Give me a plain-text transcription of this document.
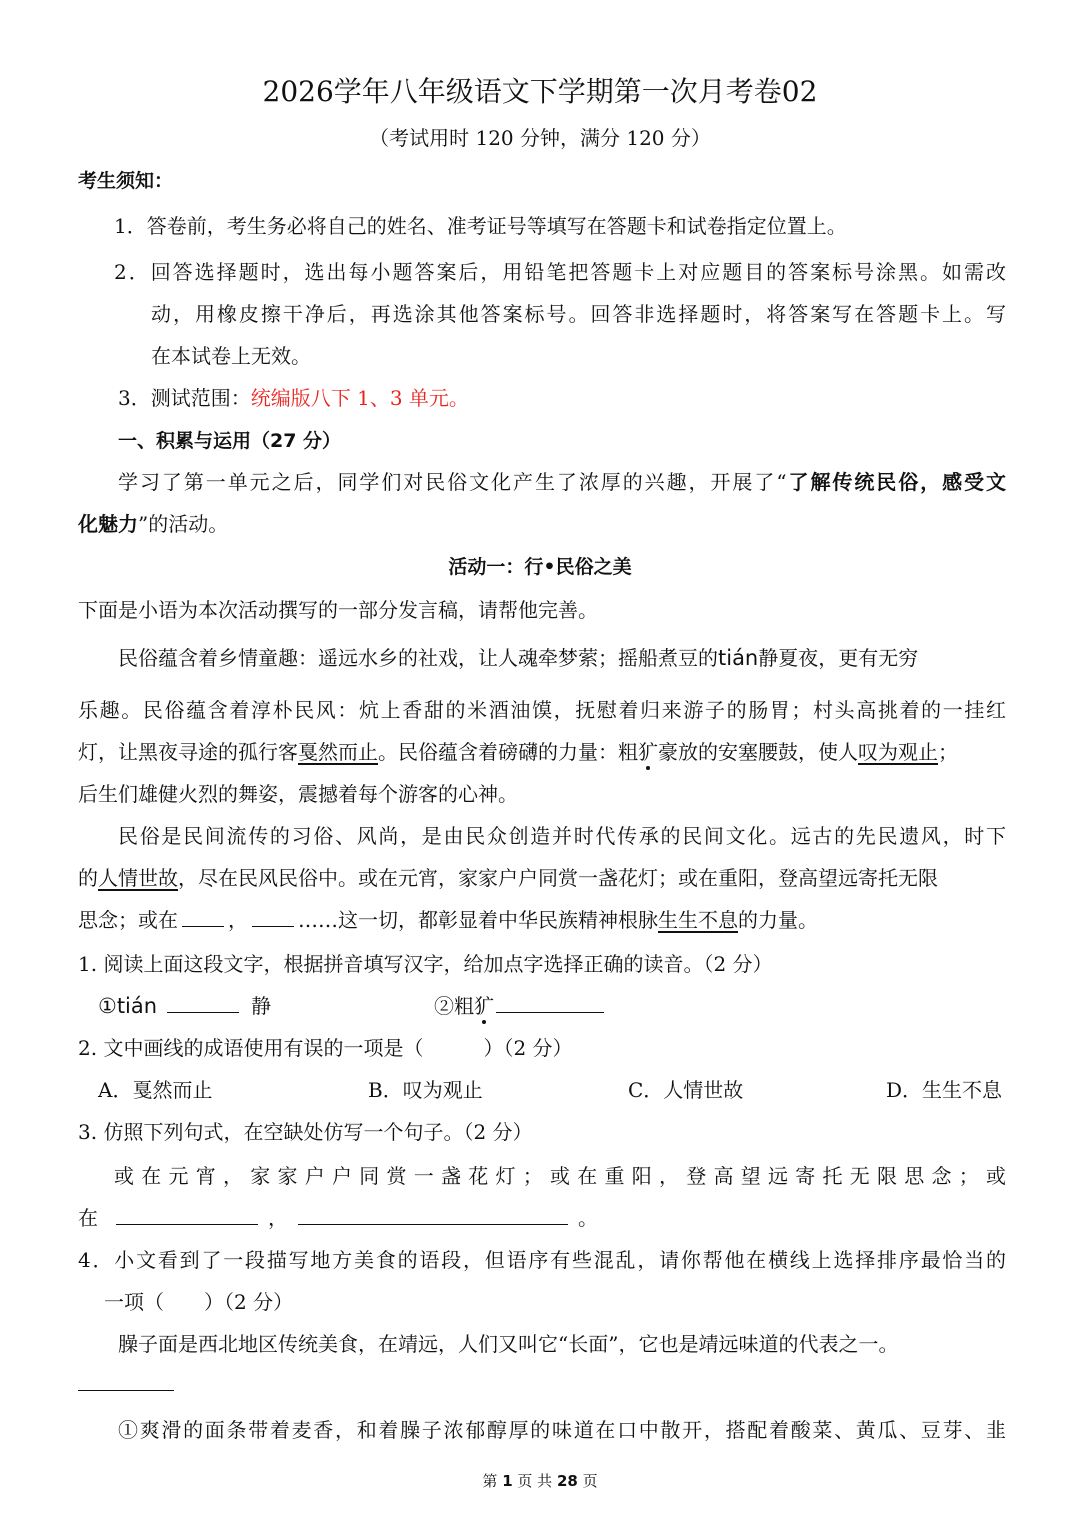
2026学年八年级语文下学期第一次月考卷02
（考试用时 120 分钟，满分 120 分）
考生须知：
1．答卷前，考生务必将自己的姓名、准考证号等填写在答题卡和试卷指定位置上。
2．回答选择题时，选出每小题答案后，用铅笔把答题卡上对应题目的答案标号涂黑。如需改
动，用橡皮擦干净后，再选涂其他答案标号。回答非选择题时，将答案写在答题卡上。写
在本试卷上无效。
3．测试范围：统编版八下 1、3 单元。
一、积累与运用（27 分）
学习了第一单元之后，同学们对民俗文化产生了浓厚的兴趣，开展了“了解传统民俗，感受文
化魅力”的活动。
活动一：行•民俗之美
下面是小语为本次活动撰写的一部分发言稿，请帮他完善。
民俗蕴含着乡情童趣：遥远水乡的社戏，让人魂牵梦萦；摇船煮豆的tián静夏夜，更有无穷
乐趣。民俗蕴含着淳朴民风：炕上香甜的米酒油馍，抚慰着归来游子的肠胃；村头高挑着的一挂红
灯，让黑夜寻途的孤行客戛然而止。民俗蕴含着磅礴的力量：粗犷豪放的安塞腰鼓，使人叹为观止；
后生们雄健火烈的舞姿，震撼着每个游客的心神。
民俗是民间流传的习俗、风尚，是由民众创造并时代传承的民间文化。远古的先民遗风，时下
的人情世故，尽在民风民俗中。或在元宵，家家户户同赏一盏花灯；或在重阳，登高望远寄托无限
思念；或在	，	……这一切，都彰显着中华民族精神根脉生生不息的力量。
1. 阅读上面这段文字，根据拼音填写汉字，给加点字选择正确的读音。（2 分）
①tián	静	②粗犷
2. 文中画线的成语使用有误的一项是（　　　）（2 分）
A．戛然而止	B．叹为观止	C．人情世故	D．生生不息
3. 仿照下列句式，在空缺处仿写一个句子。（2 分）
或在元宵，家家户户同赏一盏花灯；或在重阳，登高望远寄托无限思念；或
在	，	。
4．小文看到了一段描写地方美食的语段，但语序有些混乱，请你帮他在横线上选择排序最恰当的
一项（　　）（2 分）
臊子面是西北地区传统美食，在靖远，人们又叫它“长面”，它也是靖远味道的代表之一。
①爽滑的面条带着麦香，和着臊子浓郁醇厚的味道在口中散开，搭配着酸菜、黄瓜、豆芽、韭
第 1 页 共 28 页
